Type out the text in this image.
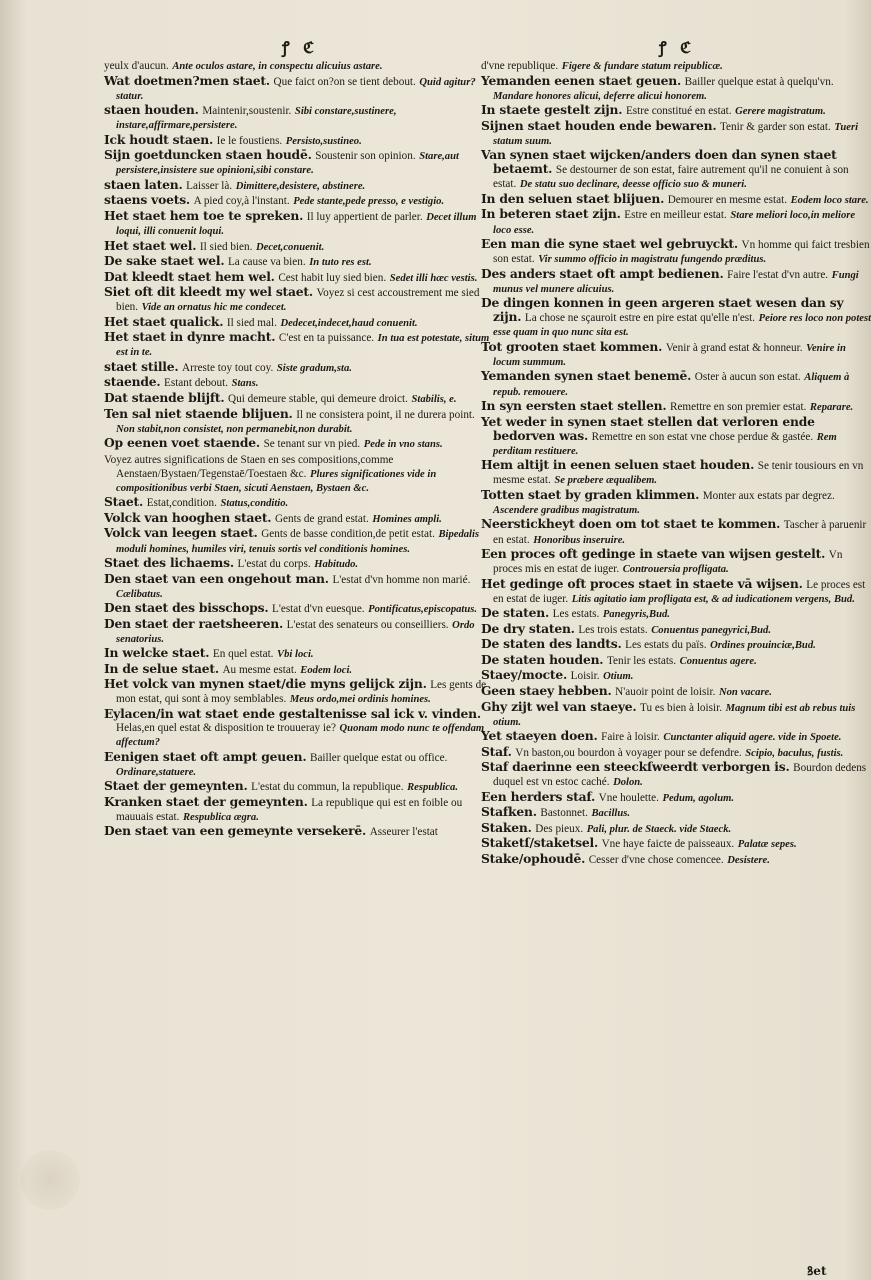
ꝭ ℭ
yeulx d'aucun. Ante oculos astare, in conspectu alicuius astare.
Wat doetmen?men staet. Que faict on?on se tient debout. Quid agitur?statur.
staen houden. Maintenir,soustenir. Sibi constare,sustinere, instare,affirmare,persistere.
Ick houdt staen. Ie le foustiens. Persisto,sustineo.
Sijn goetduncken staen houdē. Soustenir son opinion. Stare,aut persistere,insistere sue opinioni,sibi constare.
staen laten. Laisser là. Dimittere,desistere, abstinere.
staens voets. A pied coy,à l'instant. Pede stante,pede presso, e vestigio.
Het staet hem toe te spreken. Il luy appertient de parler. Decet illum loqui, illi conuenit loqui.
Het staet wel. Il sied bien. Decet,conuenit.
De sake staet wel. La cause va bien. In tuto res est.
Dat kleedt staet hem wel. Cest habit luy sied bien. Sedet illi hæc vestis.
Siet oft dit kleedt my wel staet. Voyez si cest accoustrement me sied bien. Vide an ornatus hic me condecet.
Het staet qualick. Il sied mal. Dedecet,indecet,haud conuenit.
Het staet in dynre macht. C'est en ta puissance. In tua est potestate, situm est in te.
staet stille. Arreste toy tout coy. Siste gradum,sta.
staende. Estant debout. Stans.
Dat staende blijft. Qui demeure stable, qui demeure droict. Stabilis, e.
Ten sal niet staende blijuen. Il ne consistera point, il ne durera point. Non stabit,non consistet, non permanebit,non durabit.
Op eenen voet staende. Se tenant sur vn pied. Pede in vno stans.
Voyez autres significations de Staen en ses compositions,comme Aenstaen/Bystaen/Tegenstaē/Toestaen &c. Plures significationes vide in compositionibus verbi Staen, sicuti Aenstaen, Bystaen &c.
Staet. Estat,condition. Status,conditio.
Volck van hooghen staet. Gents de grand estat. Homines ampli.
Volck van leegen staet. Gents de basse condition,de petit estat. Bipedalis moduli homines, humiles viri, tenuis sortis vel conditionis homines.
Staet des lichaems. L'estat du corps. Habitudo.
Den staet van een ongehout man. L'estat d'vn homme non marié. Cælibatus.
Den staet des bisschops. L'estat d'vn euesque. Pontificatus,episcopatus.
Den staet der raetsheeren. L'estat des senateurs ou conseilliers. Ordo senatorius.
In welcke staet. En quel estat. Vbi loci.
In de selue staet. Au mesme estat. Eodem loci.
Het volck van mynen staet/die myns gelijck zijn. Les gents de mon estat, qui sont à moy semblables. Meus ordo,mei ordinis homines.
Eylacen/in wat staet ende gestaltenisse sal ick v. vinden. Helas,en quel estat & disposition te trouueray ie? Quonam modo nunc te offendam affectum?
Eenigen staet oft ampt geuen. Bailler quelque estat ou office. Ordinare,statuere.
Staet der gemeynten. L'estat du commun, la republique. Respublica.
Kranken staet der gemeynten. La republique qui est en foible ou mauuais estat. Respublica ægra.
Den staet van een gemeynte versekerē. Asseurer l'estat
ꝭ ℭ
d'vne republique. Figere & fundare statum reipublicæ.
Yemanden eenen staet geuen. Bailler quelque estat à quelqu'vn. Mandare honores alicui, deferre alicui honorem.
In staete gestelt zijn. Estre constitué en estat. Gerere magistratum.
Sijnen staet houden ende bewaren. Tenir & garder son estat. Tueri statum suum.
Van synen staet wijcken/anders doen dan synen staet betaemt. Se destourner de son estat, faire autrement qu'il ne conuient à son estat. De statu suo declinare, deesse officio suo & muneri.
In den seluen staet blijuen. Demourer en mesme estat. Eodem loco stare.
In beteren staet zijn. Estre en meilleur estat. Stare meliori loco,in meliore loco esse.
Een man die syne staet wel gebruyckt. Vn homme qui faict tresbien son estat. Vir summo officio in magistratu fungendo præditus.
Des anders staet oft ampt bedienen. Faire l'estat d'vn autre. Fungi munus vel munere alicuius.
De dingen konnen in geen argeren staet wesen dan sy zijn. La chose ne sçauroit estre en pire estat qu'elle n'est. Peiore res loco non potest esse quam in quo nunc sita est.
Tot grooten staet kommen. Venir à grand estat & honneur. Venire in locum summum.
Yemanden synen staet benemē. Oster à aucun son estat. Aliquem à repub. remouere.
In syn eersten staet stellen. Remettre en son premier estat. Reparare.
Yet weder in synen staet stellen dat verloren ende bedorven was. Remettre en son estat vne chose perdue & gastée. Rem perditam restituere.
Hem altijt in eenen seluen staet houden. Se tenir tousiours en vn mesme estat. Se præbere æqualibem.
Totten staet by graden klimmen. Monter aux estats par degrez. Ascendere gradibus magistratum.
Neerstickheyt doen om tot staet te kommen. Tascher à paruenir en estat. Honoribus inseruire.
Een proces oft gedinge in staete van wijsen gestelt. Vn proces mis en estat de iuger. Controuersia profligata.
Het gedinge oft proces staet in staete vā wijsen. Le proces est en estat de iuger. Litis agitatio iam profligata est, & ad iudicationem vergens, Bud.
De staten. Les estats. Panegyris,Bud.
De dry staten. Les trois estats. Conuentus panegyrici,Bud.
De staten des landts. Les estats du païs. Ordines prouinciæ,Bud.
De staten houden. Tenir les estats. Conuentus agere.
Staey/mocte. Loisir. Otium.
Geen staey hebben. N'auoir point de loisir. Non vacare.
Ghy zijt wel van staeye. Tu es bien à loisir. Magnum tibi est ab rebus tuis otium.
Yet staeyen doen. Faire à loisir. Cunctanter aliquid agere. vide in Spoete.
Staf. Vn baston,ou bourdon à voyager pour se defendre. Scipio, baculus, fustis.
Staf daerinne een steeckſweerdt verborgen is. Bourdon dedens duquel est vn estoc caché. Dolon.
Een herders staf. Vne houlette. Pedum, agolum.
Stafken. Bastonnet. Bacillus.
Staken. Des pieux. Pali, plur. de Staeck. vide Staeck.
Staketſ/staketsel. Vne haye faicte de paisseaux. Palatæ sepes.
Stake/ophoudē. Cesser d'vne chose comencee. Desistere.
ꝸet
